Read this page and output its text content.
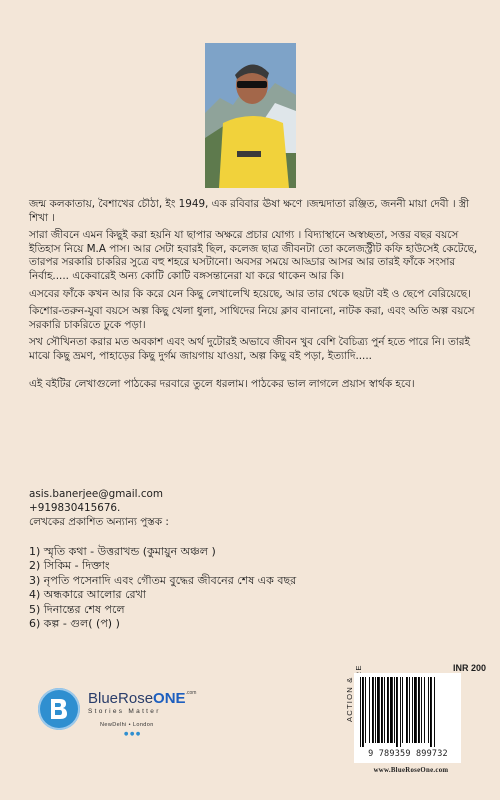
জন্ম কলকাতায়, বৈশাখের চৌঠা, ইং 1949, এক রবিবার ঊষা ক্ষণে ।জন্মদাতা রঞ্জিত, জননী মায়া দেবী । স্ত্রী শিখা ।

সারা জীবনে এমন কিছুই করা হয়নি যা ছাপার অক্ষরে প্রচার যোগ্য । বিদ্যাস্থানে অস্বচ্ছতা, সত্তর বছর বয়সে ইতিহাস নিয়ে M.A পাস। আর সেটা হবারই ছিল, কলেজ ছাত্র জীবনটা তো কলেজস্ট্রীট কফি হাউসেই কেটেছে, তারপর সরকারি চাকরির সুত্রে বহু শহরে ঘসটানো। অবসর সময়ে আড্ডার আসর আর তারই ফাঁকে সংসার নির্বাহ..... একেবারেই অন্য কোটি কোটি বঙ্গসন্তানেরা যা করে থাকেন আর কি।

এসবের ফাঁকে কখন আর কি করে যেন কিছু লেখালেখি হয়েছে, আর তার থেকে ছয়টা বই ও ছেপে বেরিয়েছে।

কিশোর-তরুন-যুবা বয়সে অল্প কিছু খেলা ধুলা, সাথিদের নিয়ে ক্লাব বানানো, নাটক করা, এবং অতি অল্প বয়সে সরকারি চাকরিতে ঢুকে পড়া।

সখ সৌখিনতা করার মত অবকাশ এবং অর্থ দুটোরই অভাবে জীবন খুব বেশি বৈচিত্র্য পুর্ন হতে পারে নি। তারই মাঝে কিছু ভ্রমণ, পাহাড়ের কিছু দুর্গম জায়গায় যাওয়া, অল্প কিছু বই পড়া, ইত্যাদি.....

এই বইটির লেখাগুলো পাঠকের দরবারে তুলে ধরলাম। পাঠকের ভাল লাগলে প্রয়াস স্বার্থক হবে।

asis.banerjee@gmail.com
+919830415676.
লেখকের প্রকাশিত অন্যান্য পুস্তক :
1) স্মৃতি কথা - উত্তরাখন্ড (কুমায়ুন অঞ্চল )
2) সিকিম - দিক্তাং
3) নৃপতি পসেনাদি এবং গৌতম বুদ্ধের জীবনের শেষ এক বছর
4) অন্ধকারে আলোর রেখা
5) দিনান্তের শেষ পলে
6) কল্প - গুল( (প) )
BlueRoseONE$^{.com}$
Stories Matter
NewDelhi • London
● ● ●
ACTION &
INR 200
9 789359 899732
www.BlueRoseOne.com
